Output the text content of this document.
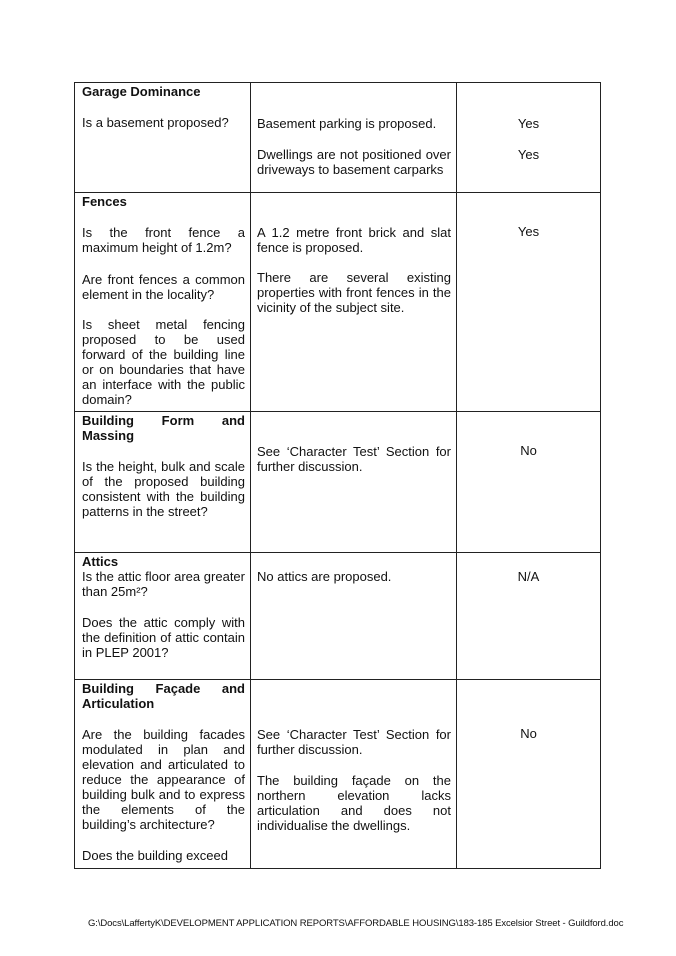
Garage Dominance
Is a basement proposed?	Basement parking is proposed.
Dwellings are not positioned over driveways to basement carparks
Yes
Yes
Fences
Is the front fence a maximum height of 1.2m?
Are front fences a common element in the locality?
Is sheet metal fencing proposed to be used forward of the building line or on boundaries that have an interface with the public domain?
A 1.2 metre front brick and slat fence is proposed.
There are several existing properties with front fences in the vicinity of the subject site.
Yes
Building Form and Massing
Is the height, bulk and scale of the proposed building consistent with the building patterns in the street?
See ‘Character Test’ Section for further discussion.
No
Attics
Is the attic floor area greater than 25m²?
Does the attic comply with the definition of attic contain in PLEP 2001?
No attics are proposed.	N/A
Building Façade and Articulation
Are the building facades modulated in plan and elevation and articulated to reduce the appearance of building bulk and to express the elements of the building’s architecture?
Does the building exceed
See ‘Character Test’ Section for further discussion.
The building façade on the northern elevation lacks articulation and does not individualise the dwellings.
No
G:\Docs\LaffertyK\DEVELOPMENT APPLICATION REPORTS\AFFORDABLE HOUSING\183-185 Excelsior Street - Guildford.doc
